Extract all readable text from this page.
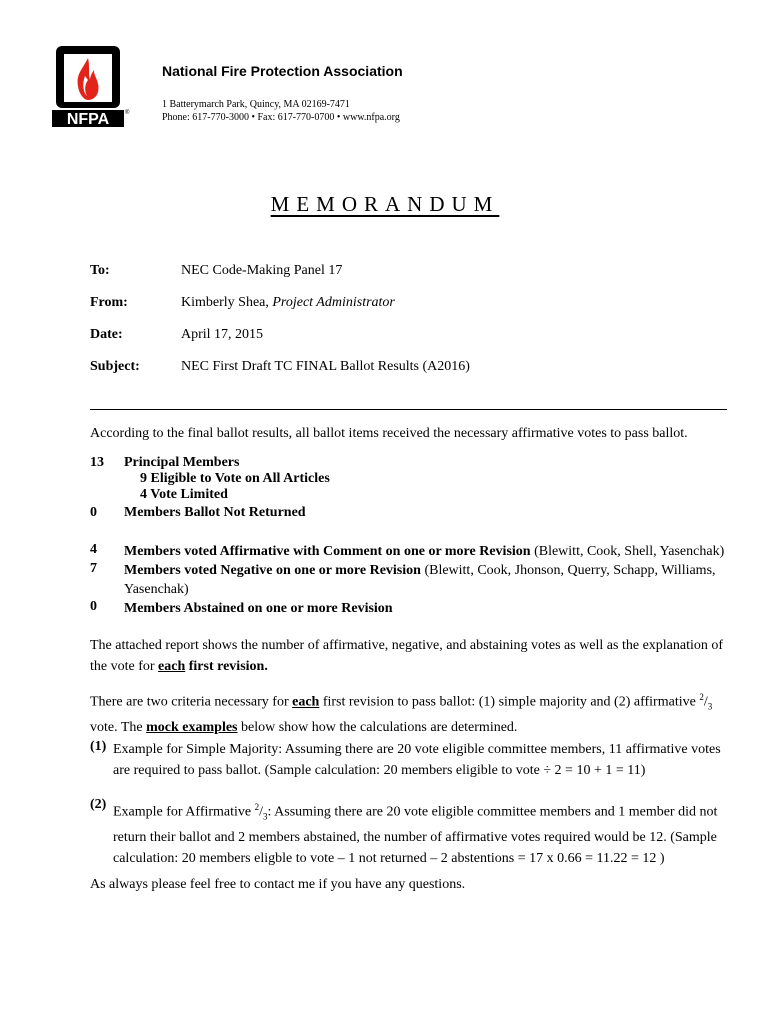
NFPA	®
National Fire Protection Association
1 Batterymarch Park, Quincy, MA 02169-7471
Phone: 617-770-3000 • Fax: 617-770-0700 • www.nfpa.org
MEMORANDUM
To:	NEC Code-Making Panel 17
From:	Kimberly Shea, Project Administrator
Date:	April 17, 2015
Subject:	NEC First Draft TC FINAL Ballot Results (A2016)
According to the final ballot results, all ballot items received the necessary affirmative votes to pass ballot.
13 Principal Members
9 Eligible to Vote on All Articles
4 Vote Limited
0 Members Ballot Not Returned
4 Members voted Affirmative with Comment on one or more Revision (Blewitt, Cook, Shell, Yasenchak)
7 Members voted Negative on one or more Revision (Blewitt, Cook, Jhonson, Querry, Schapp, Williams, Yasenchak)
0 Members Abstained on one or more Revision
The attached report shows the number of affirmative, negative, and abstaining votes as well as the explanation of the vote for each first revision.
There are two criteria necessary for each first revision to pass ballot: (1) simple majority and (2) affirmative $^2/_3$ vote. The mock examples below show how the calculations are determined.
(1) Example for Simple Majority: Assuming there are 20 vote eligible committee members, 11 affirmative votes are required to pass ballot. (Sample calculation: 20 members eligible to vote ÷ 2 = 10 + 1 = 11)
(2)
Example for Affirmative $^2/_3$: Assuming there are 20 vote eligible committee members and 1 member did not return their ballot and 2 members abstained, the number of affirmative votes required would be 12. (Sample calculation: 20 members eligble to vote – 1 not returned – 2 abstentions = 17 x 0.66 = 11.22 = 12 )
As always please feel free to contact me if you have any questions.
